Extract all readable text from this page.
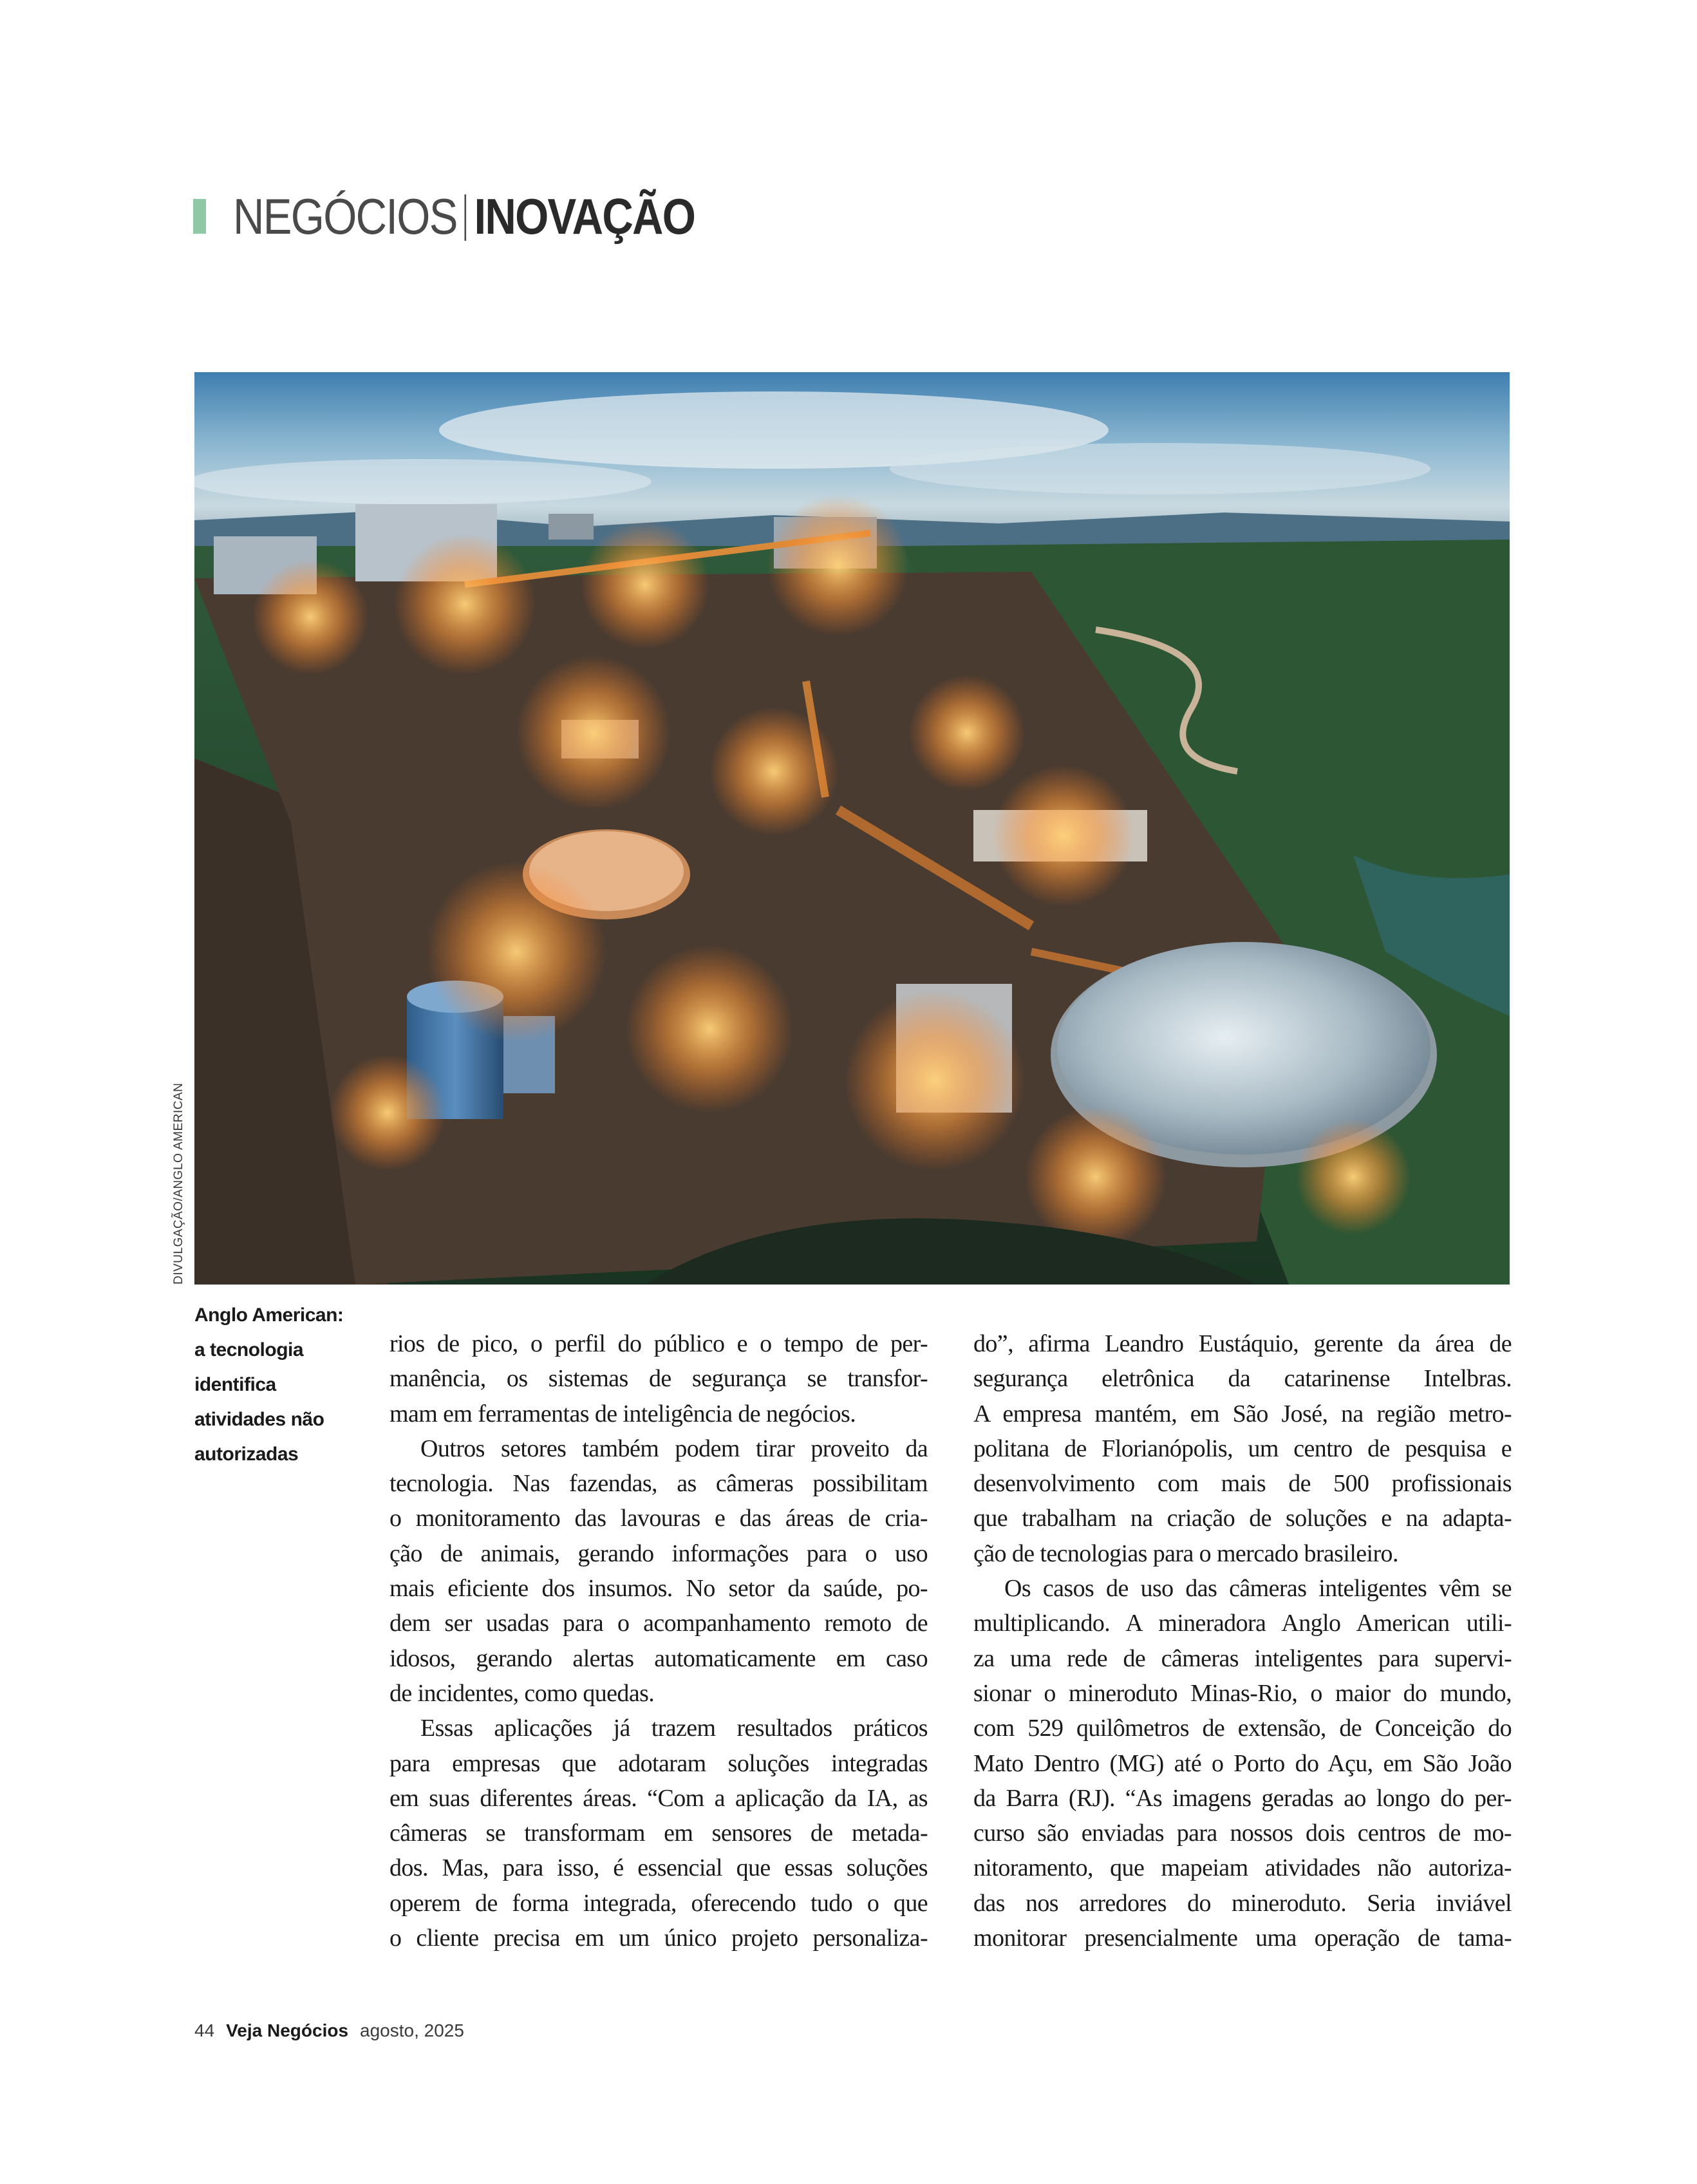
NEGÓCIOS INOVAÇÃO
DIVULGAÇÃO/ANGLO AMERICAN
Anglo American:
a tecnologia
identifica
atividades não
autorizadas
rios de pico, o perfil do público e o tempo de per-
manência, os sistemas de segurança se transfor-
mam em ferramentas de inteligência de negócios.
Outros setores também podem tirar proveito da
tecnologia. Nas fazendas, as câmeras possibilitam
o monitoramento das lavouras e das áreas de cria-
ção de animais, gerando informações para o uso
mais eficiente dos insumos. No setor da saúde, po-
dem ser usadas para o acompanhamento remoto de
idosos, gerando alertas automaticamente em caso
de incidentes, como quedas.
Essas aplicações já trazem resultados práticos
para empresas que adotaram soluções integradas
em suas diferentes áreas. “Com a aplicação da IA, as
câmeras se transformam em sensores de metada-
dos. Mas, para isso, é essencial que essas soluções
operem de forma integrada, oferecendo tudo o que
o cliente precisa em um único projeto personaliza-
do”, afirma Leandro Eustáquio, gerente da área de
segurança eletrônica da catarinense Intelbras.
A empresa mantém, em São José, na região metro-
politana de Florianópolis, um centro de pesquisa e
desenvolvimento com mais de 500 profissionais
que trabalham na criação de soluções e na adapta-
ção de tecnologias para o mercado brasileiro.
Os casos de uso das câmeras inteligentes vêm se
multiplicando. A mineradora Anglo American utili-
za uma rede de câmeras inteligentes para supervi-
sionar o mineroduto Minas-Rio, o maior do mundo,
com 529 quilômetros de extensão, de Conceição do
Mato Dentro (MG) até o Porto do Açu, em São João
da Barra (RJ). “As imagens geradas ao longo do per-
curso são enviadas para nossos dois centros de mo-
nitoramento, que mapeiam atividades não autoriza-
das nos arredores do mineroduto. Seria inviável
monitorar presencialmente uma operação de tama-
44 Veja Negócios agosto, 2025
